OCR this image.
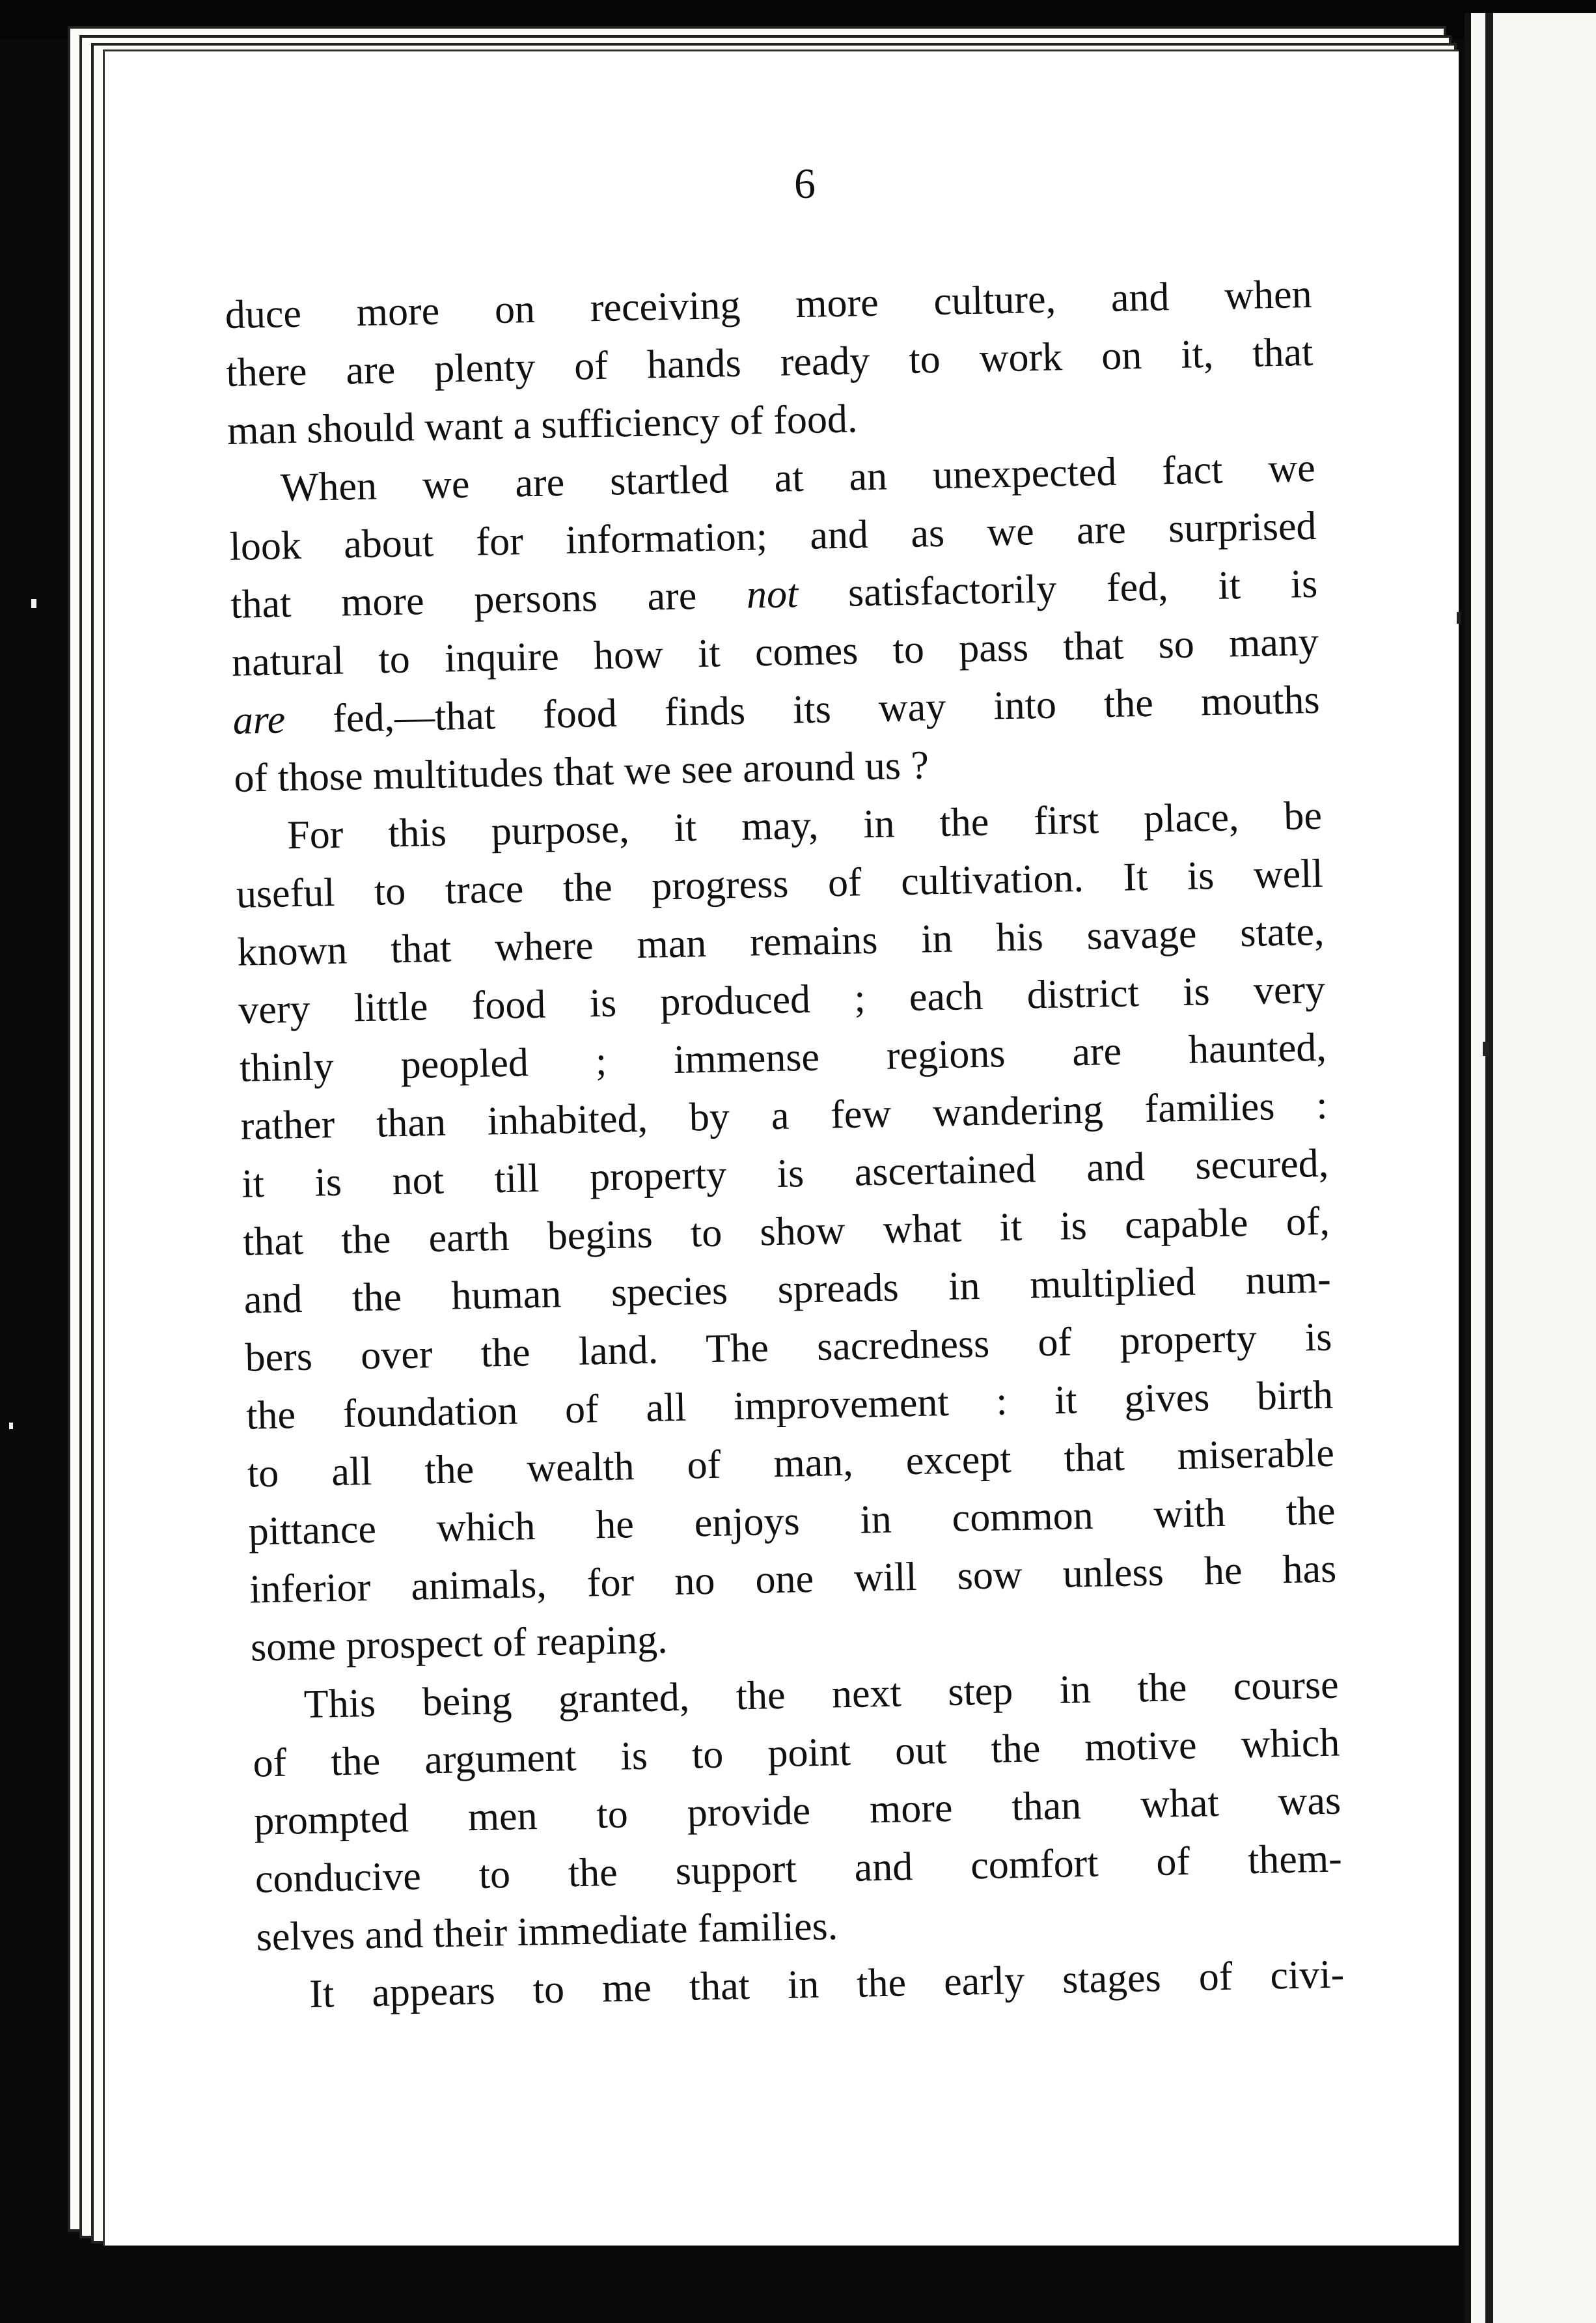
6

duce more on receiving more culture, and when
there are plenty of hands ready to work on it, that
man should want a sufficiency of food.

When we are startled at an unexpected fact we
look about for information; and as we are surprised
that more persons are not satisfactorily fed, it is
natural to inquire how it comes to pass that so many
are fed,—that food finds its way into the mouths
of those multitudes that we see around us ?

For this purpose, it may, in the first place, be
useful to trace the progress of cultivation. It is well
known that where man remains in his savage state,
very little food is produced ; each district is very
thinly peopled ; immense regions are haunted,
rather than inhabited, by a few wandering families :
it is not till property is ascertained and secured,
that the earth begins to show what it is capable of,
and the human species spreads in multiplied num-
bers over the land. The sacredness of property is
the foundation of all improvement : it gives birth
to all the wealth of man, except that miserable
pittance which he enjoys in common with the
inferior animals, for no one will sow unless he has
some prospect of reaping.

This being granted, the next step in the course
of the argument is to point out the motive which
prompted men to provide more than what was
conducive to the support and comfort of them-
selves and their immediate families.

It appears to me that in the early stages of civi-
